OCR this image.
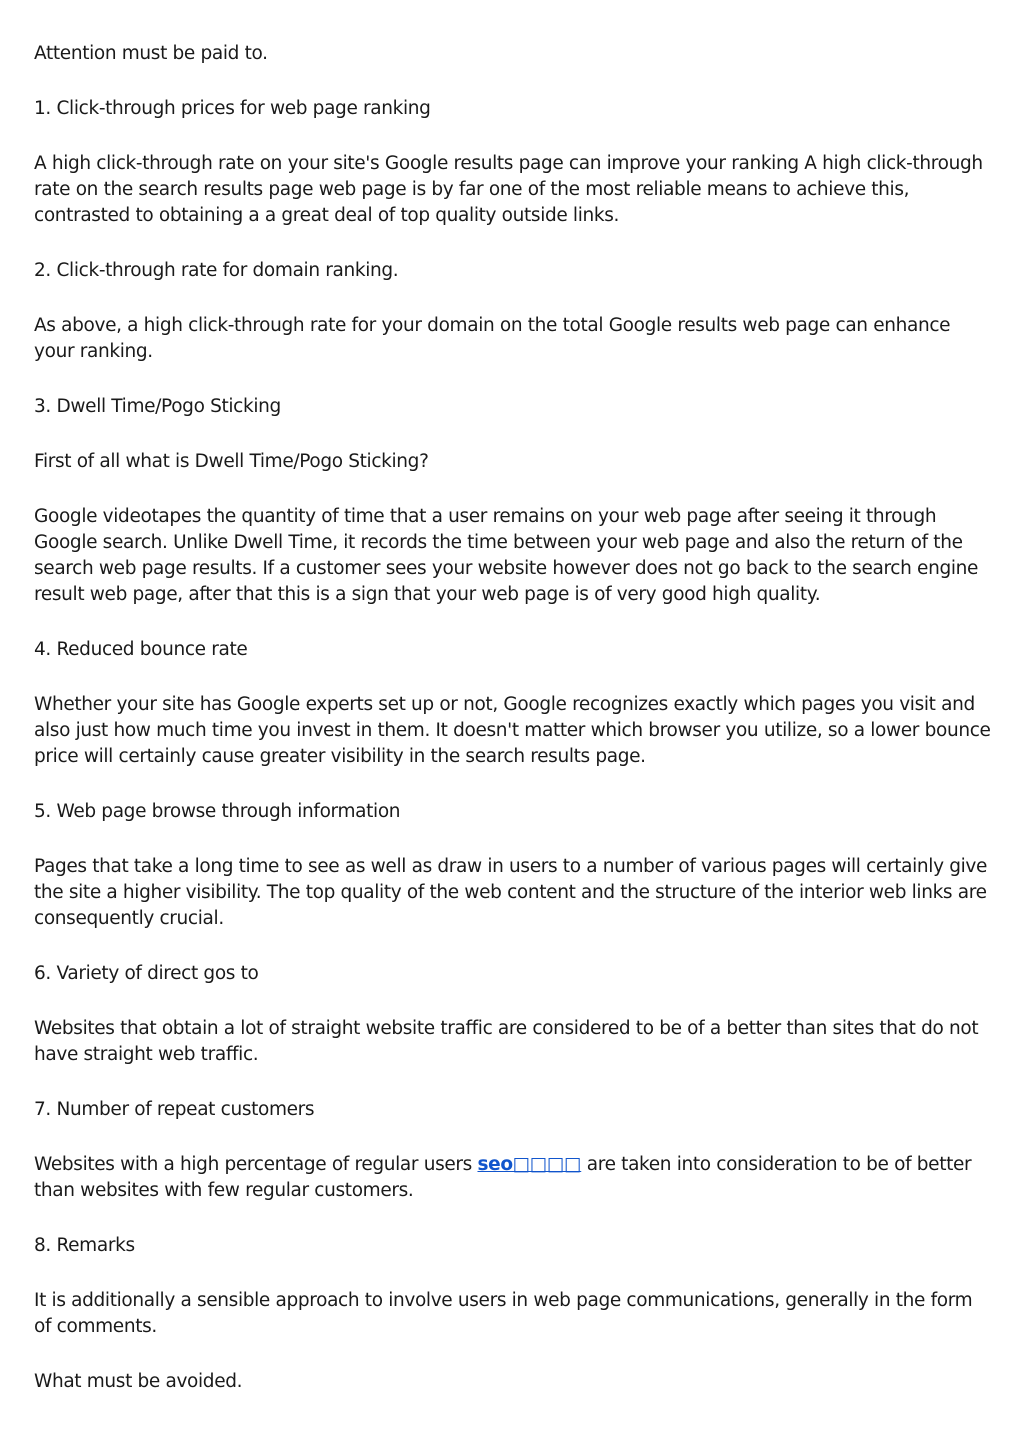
Attention must be paid to.

1. Click-through prices for web page ranking

A high click-through rate on your site's Google results page can improve your ranking A high click-through rate on the search results page web page is by far one of the most reliable means to achieve this, contrasted to obtaining a a great deal of top quality outside links.

2. Click-through rate for domain ranking.

As above, a high click-through rate for your domain on the total Google results web page can enhance your ranking.

3. Dwell Time/Pogo Sticking

First of all what is Dwell Time/Pogo Sticking?

Google videotapes the quantity of time that a user remains on your web page after seeing it through Google search. Unlike Dwell Time, it records the time between your web page and also the return of the search web page results. If a customer sees your website however does not go back to the search engine result web page, after that this is a sign that your web page is of very good high quality.

4. Reduced bounce rate

Whether your site has Google experts set up or not, Google recognizes exactly which pages you visit and also just how much time you invest in them. It doesn't matter which browser you utilize, so a lower bounce price will certainly cause greater visibility in the search results page.

5. Web page browse through information

Pages that take a long time to see as well as draw in users to a number of various pages will certainly give the site a higher visibility. The top quality of the web content and the structure of the interior web links are consequently crucial.

6. Variety of direct gos to

Websites that obtain a lot of straight website traffic are considered to be of a better than sites that do not have straight web traffic.

7. Number of repeat customers

Websites with a high percentage of regular users seo□□□□ are taken into consideration to be of better than websites with few regular customers.

8. Remarks

It is additionally a sensible approach to involve users in web page communications, generally in the form of comments.

What must be avoided.
